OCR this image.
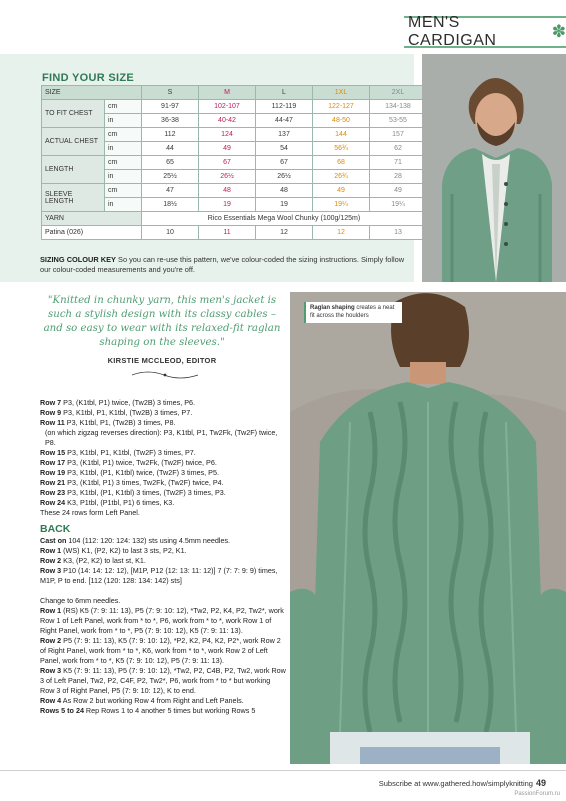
MEN'S CARDIGAN	✽
FIND YOUR SIZE
SIZE		S	M	L	1XL	2XL
TO FIT CHEST	cm	91-97	102-107	112-119	122-127	134-138
	in	36-38	40-42	44-47	48-50	53-55
ACTUAL CHEST	cm	112	124	137	144	157
	in	44	49	54	56¾	62
LENGTH	cm	65	67	67	68	71
	in	25½	26½	26½	26¾	28
SLEEVE LENGTH	cm	47	48	48	49	49
	in	18½	19	19	19¼	19¼
YARN		Rico Essentials Mega Wool Chunky (100g/125m)				
Patina (026)		10	11	12	12	13
SIZING COLOUR KEY So you can re-use this pattern, we've colour-coded the sizing instructions. Simply follow our colour-coded measurements and you're off.
"Knitted in chunky yarn, this men's jacket is such a stylish design with its classy cables – and so easy to wear with its relaxed-fit raglan shaping on the sleeves."
KIRSTIE MCCLEOD, EDITOR
Raglan shaping creates a neat fit across the houlders

Row 7 P3, (K1tbl, P1) twice, (Tw2B) 3 times, P6.

Row 9 P3, K1tbl, P1, K1tbl, (Tw2B) 3 times, P7.

Row 11 P3, K1tbl, P1, (Tw2B) 3 times, P8.

(on which zigzag reverses direction): P3, K1tbl, P1, Tw2Fk, (Tw2F) twice, P8.

Row 15 P3, K1tbl, P1, K1tbl, (Tw2F) 3 times, P7.

Row 17 P3, (K1tbl, P1) twice, Tw2Fk, (Tw2F) twice, P6.

Row 19 P3, K1tbl, (P1, K1tbl) twice, (Tw2F) 3 times, P5.

Row 21 P3, (K1tbl, P1) 3 times, Tw2Fk, (Tw2F) twice, P4.

Row 23 P3, K1tbl, (P1, K1tbl) 3 times, (Tw2F) 3 times, P3.

Row 24 K3, P1tbl, (P1tbl, P1) 6 times, K3.

These 24 rows form Left Panel.

BACK

Cast on 104 (112: 120: 124: 132) sts using 4.5mm needles.

Row 1 (WS) K1, (P2, K2) to last 3 sts, P2, K1.

Row 2 K3, (P2, K2) to last st, K1.

Row 3 P10 (14: 14: 12: 12), [M1P, P12 (12: 13: 11: 12)] 7 (7: 7: 9: 9) times, M1P, P to end. [112 (120: 128: 134: 142) sts]

Change to 6mm needles.

Row 1 (RS) K5 (7: 9: 11: 13), P5 (7: 9: 10: 12), *Tw2, P2, K4, P2, Tw2*, work Row 1 of Left Panel, work from * to *, P6, work from * to *, work Row 1 of Right Panel, work from * to *, P5 (7: 9: 10: 12), K5 (7: 9: 11: 13).

Row 2 P5 (7: 9: 11: 13), K5 (7: 9: 10: 12), *P2, K2, P4, K2, P2*, work Row 2 of Right Panel, work from * to *, K6, work from * to *, work Row 2 of Left Panel, work from * to *, K5 (7: 9: 10: 12), P5 (7: 9: 11: 13).

Row 3 K5 (7: 9: 11: 13), P5 (7: 9: 10: 12), *Tw2, P2, C4B, P2, Tw2, work Row 3 of Left Panel, Tw2, P2, C4F, P2, Tw2*, P6, work from * to * but working Row 3 of Right Panel, P5 (7: 9: 10: 12), K to end.

Row 4 As Row 2 but working Row 4 from Right and Left Panels.

Rows 5 to 24 Rep Rows 1 to 4 another 5 times but working Rows 5

Subscribe at www.gathered.how/simplyknitting 49
PassionForum.ru
